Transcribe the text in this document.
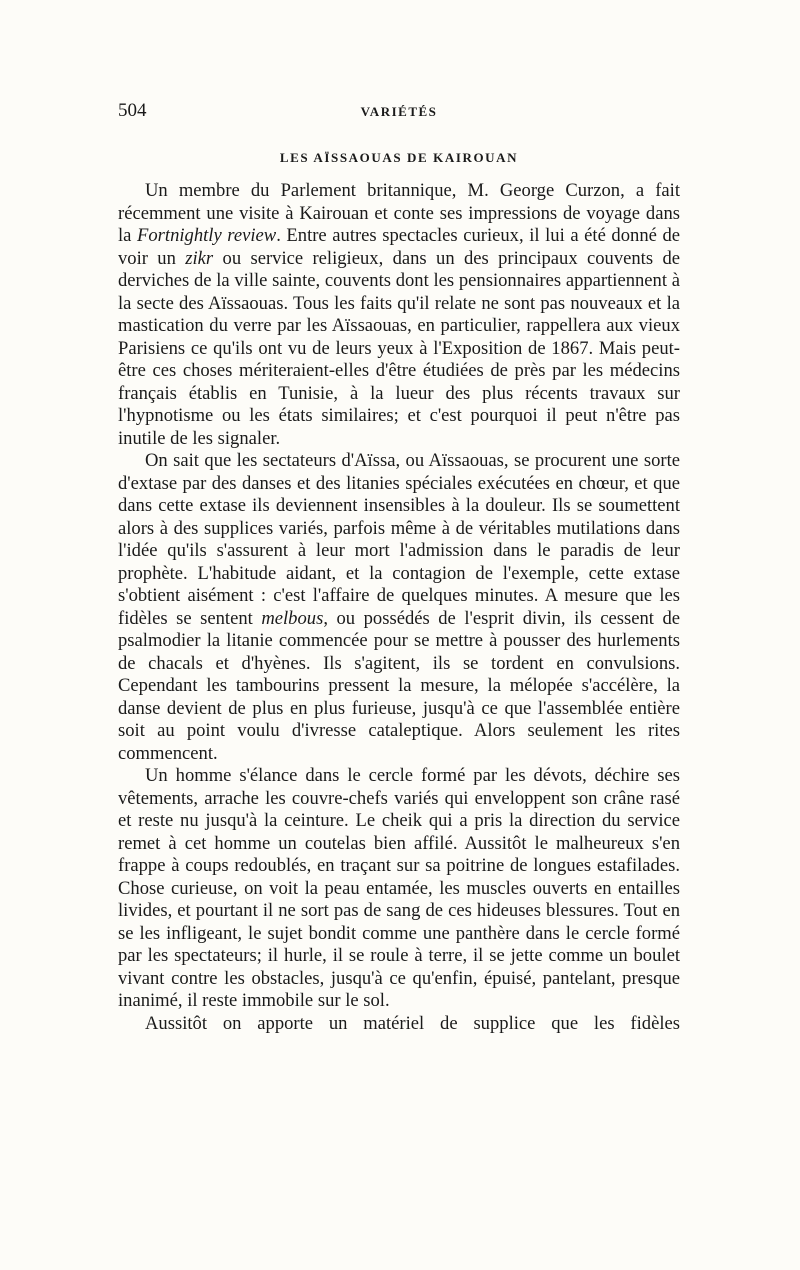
504	VARIÉTÉS
LES AÏSSAOUAS DE KAIROUAN

Un membre du Parlement britannique, M. George Curzon, a fait récemment une visite à Kairouan et conte ses impressions de voyage dans la Fortnightly review. Entre autres spectacles curieux, il lui a été donné de voir un zikr ou service religieux, dans un des principaux couvents de derviches de la ville sainte, couvents dont les pensionnaires appartiennent à la secte des Aïssaouas. Tous les faits qu'il relate ne sont pas nouveaux et la mastication du verre par les Aïssaouas, en particulier, rappellera aux vieux Parisiens ce qu'ils ont vu de leurs yeux à l'Exposition de 1867. Mais peut-être ces choses mériteraient-elles d'être étudiées de près par les médecins français établis en Tunisie, à la lueur des plus récents travaux sur l'hypnotisme ou les états similaires; et c'est pourquoi il peut n'être pas inutile de les signaler.

On sait que les sectateurs d'Aïssa, ou Aïssaouas, se procurent une sorte d'extase par des danses et des litanies spéciales exécutées en chœur, et que dans cette extase ils deviennent insensibles à la douleur. Ils se soumettent alors à des supplices variés, parfois même à de véritables mutilations dans l'idée qu'ils s'assurent à leur mort l'admission dans le paradis de leur prophète. L'habitude aidant, et la contagion de l'exemple, cette extase s'obtient aisément : c'est l'affaire de quelques minutes. A mesure que les fidèles se sentent melbous, ou possédés de l'esprit divin, ils cessent de psalmodier la litanie commencée pour se mettre à pousser des hurlements de chacals et d'hyènes. Ils s'agitent, ils se tordent en convulsions. Cependant les tambourins pressent la mesure, la mélopée s'accélère, la danse devient de plus en plus furieuse, jusqu'à ce que l'assemblée entière soit au point voulu d'ivresse cataleptique. Alors seulement les rites commencent.

Un homme s'élance dans le cercle formé par les dévots, déchire ses vêtements, arrache les couvre-chefs variés qui enveloppent son crâne rasé et reste nu jusqu'à la ceinture. Le cheik qui a pris la direction du service remet à cet homme un coutelas bien affilé. Aussitôt le malheureux s'en frappe à coups redoublés, en traçant sur sa poitrine de longues estafilades. Chose curieuse, on voit la peau entamée, les muscles ouverts en entailles livides, et pourtant il ne sort pas de sang de ces hideuses blessures. Tout en se les infligeant, le sujet bondit comme une panthère dans le cercle formé par les spectateurs; il hurle, il se roule à terre, il se jette comme un boulet vivant contre les obstacles, jusqu'à ce qu'enfin, épuisé, pantelant, presque inanimé, il reste immobile sur le sol.

Aussitôt on apporte un matériel de supplice que les fidèles
